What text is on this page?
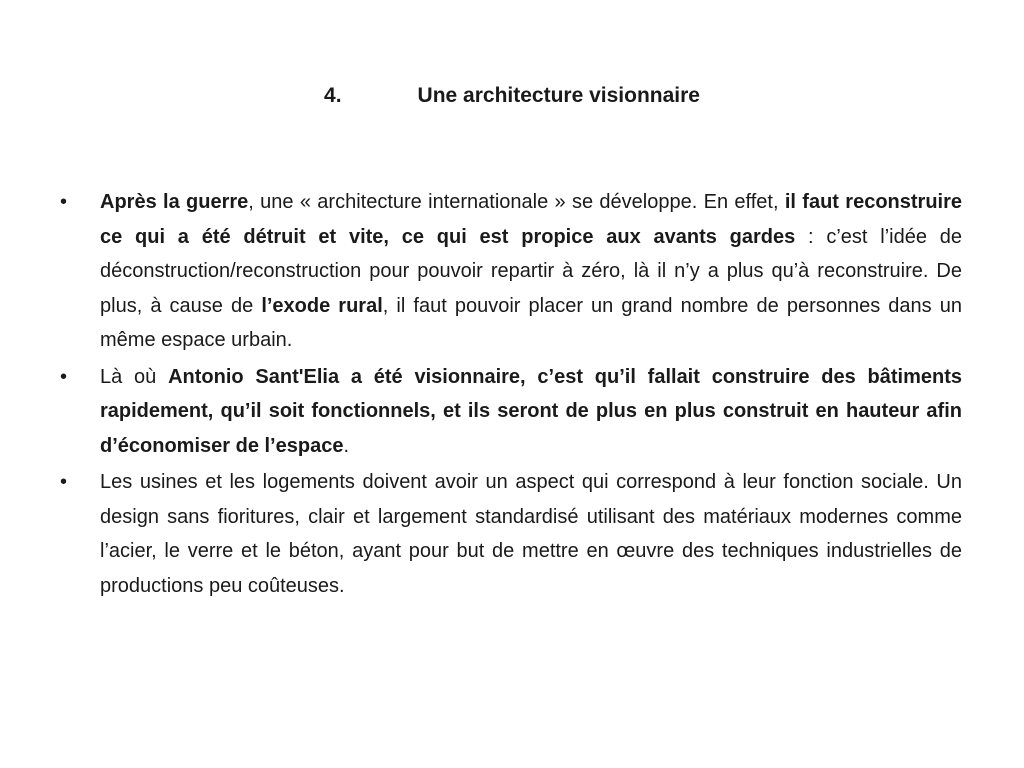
4.	Une architecture visionnaire
• Après la guerre, une « architecture internationale » se développe. En effet, il faut reconstruire ce qui a été détruit et vite, ce qui est propice aux avants gardes : c’est l’idée de déconstruction/reconstruction pour pouvoir repartir à zéro, là il n’y a plus qu’à reconstruire. De plus, à cause de l’exode rural, il faut pouvoir placer un grand nombre de personnes dans un même espace urbain.
• Là où Antonio Sant'Elia a été visionnaire, c’est qu’il fallait construire des bâtiments rapidement, qu’il soit fonctionnels, et ils seront de plus en plus construit en hauteur afin d’économiser de l’espace.
• Les usines et les logements doivent avoir un aspect qui correspond à leur fonction sociale. Un design sans fioritures, clair et largement standardisé utilisant des matériaux modernes comme l’acier, le verre et le béton, ayant pour but de mettre en œuvre des techniques industrielles de productions peu coûteuses.
